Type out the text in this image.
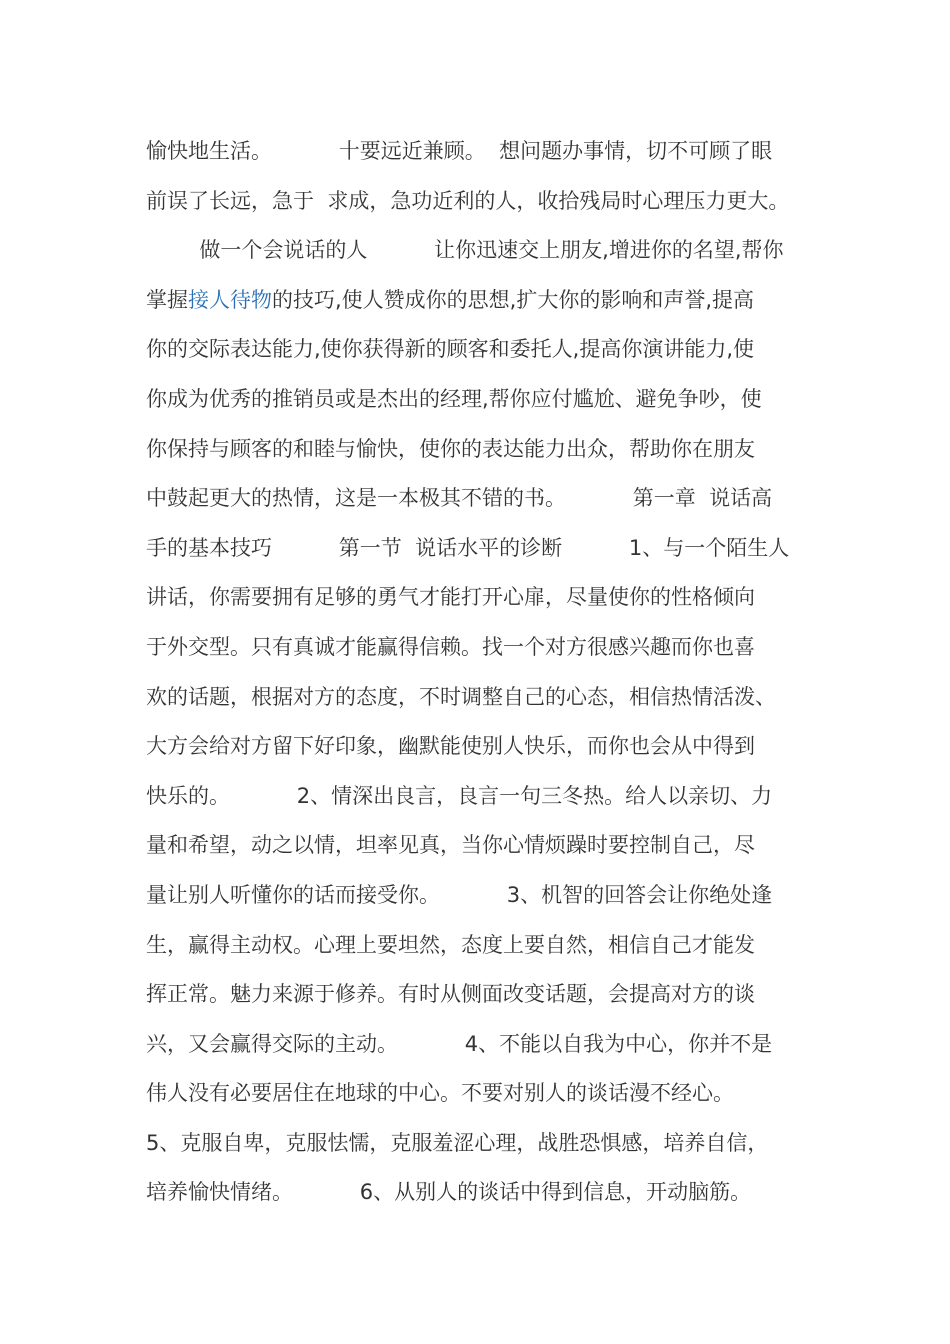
愉快地生活。          十要远近兼顾。  想问题办事情，切不可顾了眼
前误了长远，急于  求成，急功近利的人，收拾残局时心理压力更大。
做一个会说话的人          让你迅速交上朋友,增进你的名望,帮你
掌握接人待物的技巧,使人赞成你的思想,扩大你的影响和声誉,提高
你的交际表达能力,使你获得新的顾客和委托人,提高你演讲能力,使
你成为优秀的推销员或是杰出的经理,帮你应付尴尬、避免争吵，使
你保持与顾客的和睦与愉快，使你的表达能力出众，帮助你在朋友
中鼓起更大的热情，这是一本极其不错的书。          第一章  说话高
手的基本技巧          第一节  说话水平的诊断          1、与一个陌生人
讲话，你需要拥有足够的勇气才能打开心扉，尽量使你的性格倾向
于外交型。只有真诚才能赢得信赖。找一个对方很感兴趣而你也喜
欢的话题，根据对方的态度，不时调整自己的心态，相信热情活泼、
大方会给对方留下好印象，幽默能使别人快乐，而你也会从中得到
快乐的。          2、情深出良言，良言一句三冬热。给人以亲切、力
量和希望，动之以情，坦率见真，当你心情烦躁时要控制自己，尽
量让别人听懂你的话而接受你。          3、机智的回答会让你绝处逢
生，赢得主动权。心理上要坦然，态度上要自然，相信自己才能发
挥正常。魅力来源于修养。有时从侧面改变话题，会提高对方的谈
兴，又会赢得交际的主动。          4、不能以自我为中心，你并不是
伟人没有必要居住在地球的中心。不要对别人的谈话漫不经心。
5、克服自卑，克服怯懦，克服羞涩心理，战胜恐惧感，培养自信，
培养愉快情绪。          6、从别人的谈话中得到信息，开动脑筋。
